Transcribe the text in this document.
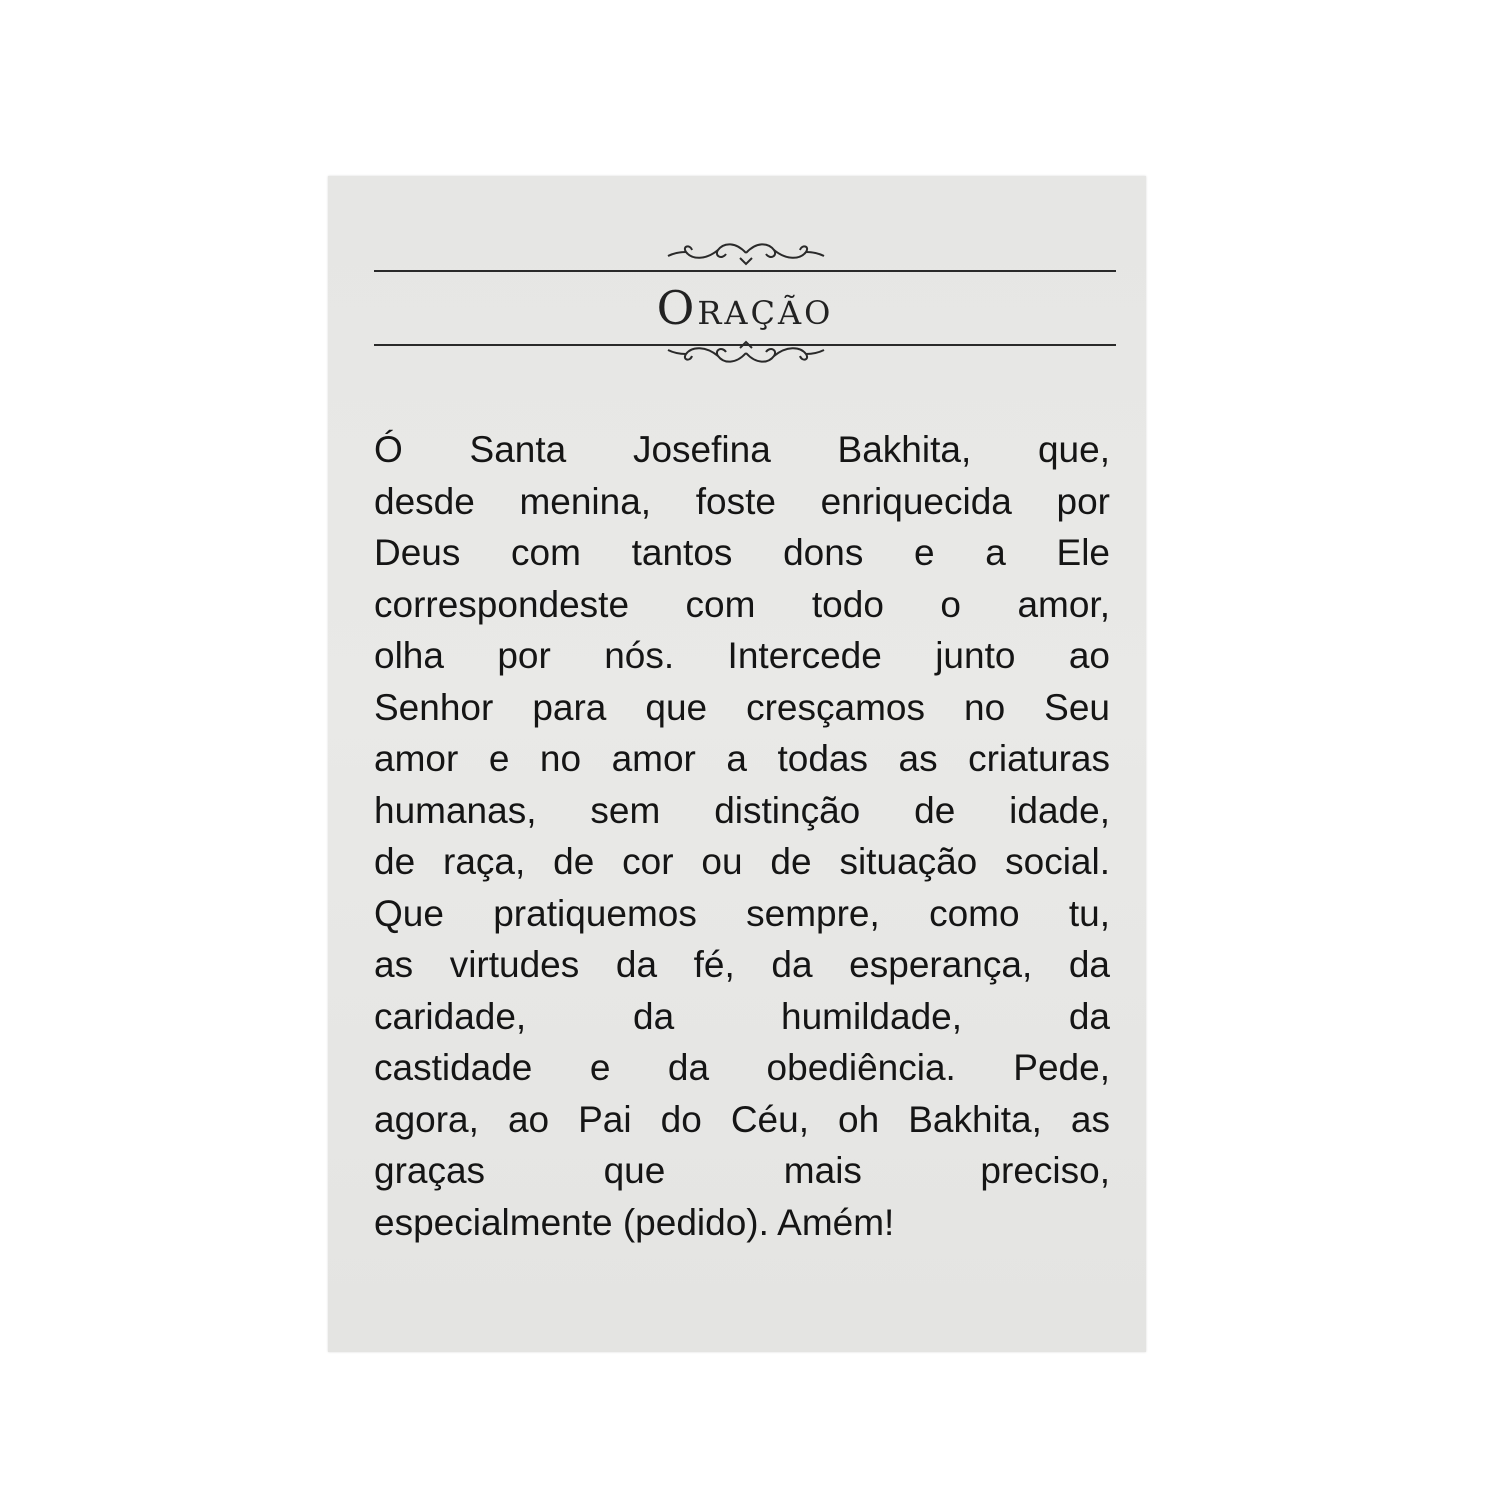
Oração
Ó Santa Josefina Bakhita, que,
desde menina, foste enriquecida por
Deus com tantos dons e a Ele
correspondeste com todo o amor,
olha por nós. Intercede junto ao
Senhor para que cresçamos no Seu
amor e no amor a todas as criaturas
humanas, sem distinção de idade,
de raça, de cor ou de situação social.
Que pratiquemos sempre, como tu,
as virtudes da fé, da esperança, da
caridade, da humildade, da
castidade e da obediência. Pede,
agora, ao Pai do Céu, oh Bakhita, as
graças que mais preciso,
especialmente (pedido). Amém!
